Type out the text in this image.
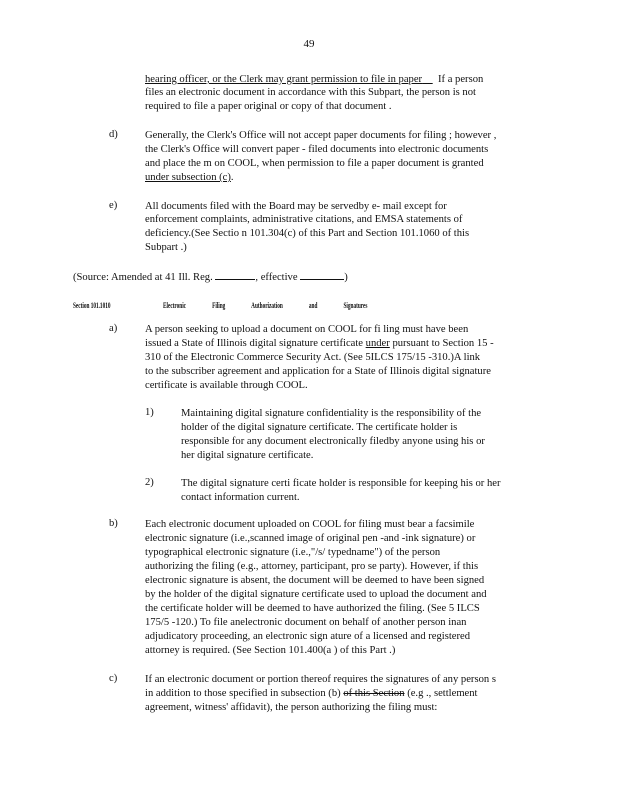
49
hearing officer, or the Clerk may grant permission to file in paper If a person
files an electronic document in accordance with this Subpart, the person is not
required to file a paper original or copy of that document .
d)	Generally, the Clerk's Office will not accept paper documents for filing ; however ,
the Clerk's Office will convert paper - filed documents into electronic documents
and place the m on COOL, when permission to file a paper document is granted
under subsection (c).
e)	All documents filed with the Board may be servedby e- mail except for
enforcement complaints, administrative citations, and EMSA statements of
deficiency.(See Sectio n 101.304(c) of this Part and Section 101.1060 of this
Subpart .)
(Source: Amended at 41 Ill. Reg.	, effective	)
Section 101.1010	Electronic Filing Authorization and Signatures
a)	A person seeking to upload a document on COOL for fi ling must have been
issued a State of Illinois digital signature certificate under pursuant to Section 15 -
310 of the Electronic Commerce Security Act. (See 5ILCS 175/15 -310.)A link
to the subscriber agreement and application for a State of Illinois digital signature
certificate is available through COOL.
1)	Maintaining digital signature confidentiality is the responsibility of the
holder of the digital signature certificate. The certificate holder is
responsible for any document electronically filedby anyone using his or
her digital signature certificate.
2)	The digital signature certi ficate holder is responsible for keeping his or her
contact information current.
b)	Each electronic document uploaded on COOL for filing must bear a facsimile
electronic signature (i.e.,scanned image of original pen -and -ink signature) or
typographical electronic signature (i.e.,"/s/ typedname") of the person
authorizing the filing (e.g., attorney, participant, pro se party). However, if this
electronic signature is absent, the document will be deemed to have been signed
by the holder of the digital signature certificate used to upload the document and
the certificate holder will be deemed to have authorized the filing. (See 5 ILCS
175/5 -120.) To file anelectronic document on behalf of another person inan
adjudicatory proceeding, an electronic sign ature of a licensed and registered
attorney is required. (See Section 101.400(a ) of this Part .)
c)	If an electronic document or portion thereof requires the signatures of any person s
in addition to those specified in subsection (b) of this Section (e.g ., settlement
agreement, witness' affidavit), the person authorizing the filing must:
